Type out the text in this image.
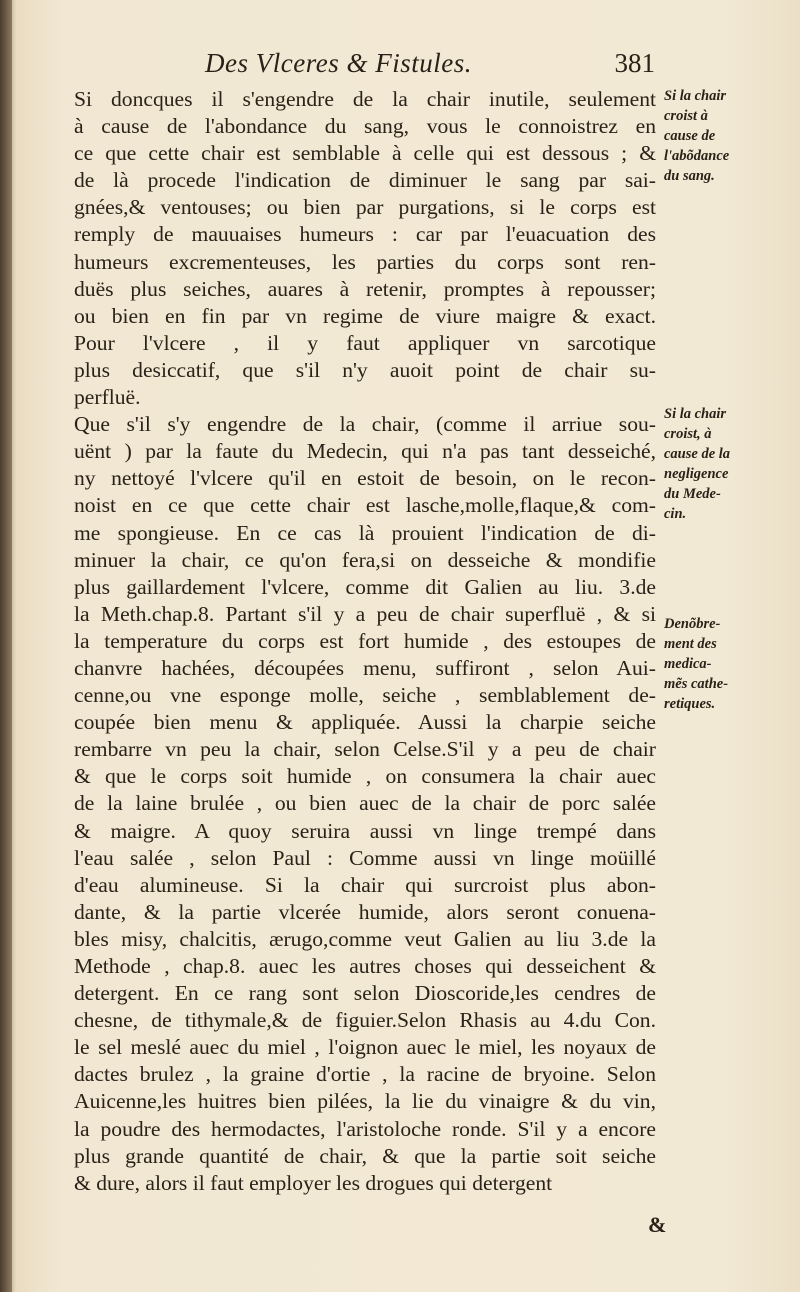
Des Vlceres & Fistules.	381
Si doncques il s'engendre de la chair inutile, seulement
à cause de l'abondance du sang, vous le connoistrez en
ce que cette chair est semblable à celle qui est dessous ; &
de là procede l'indication de diminuer le sang par sai-
gnées,& ventouses; ou bien par purgations, si le corps est
remply de mauuaises humeurs : car par l'euacuation des
humeurs excrementeuses, les parties du corps sont ren-
duës plus seiches, auares à retenir, promptes à repousser;
ou bien en fin par vn regime de viure maigre & exact.
Pour l'vlcere , il y faut appliquer vn sarcotique
plus desiccatif, que s'il n'y auoit point de chair su-
perfluë.
Que s'il s'y engendre de la chair, (comme il arriue sou-
uënt ) par la faute du Medecin, qui n'a pas tant desseiché,
ny nettoyé l'vlcere qu'il en estoit de besoin, on le recon-
noist en ce que cette chair est lasche,molle,flaque,& com-
me spongieuse. En ce cas là prouient l'indication de di-
minuer la chair, ce qu'on fera,si on desseiche & mondifie
plus gaillardement l'vlcere, comme dit Galien au liu. 3.de
la Meth.chap.8. Partant s'il y a peu de chair superfluë , & si
la temperature du corps est fort humide , des estoupes de
chanvre hachées, découpées menu, suffiront , selon Aui-
cenne,ou vne esponge molle, seiche , semblablement de-
coupée bien menu & appliquée. Aussi la charpie seiche
rembarre vn peu la chair, selon Celse.S'il y a peu de chair
& que le corps soit humide , on consumera la chair auec
de la laine brulée , ou bien auec de la chair de porc salée
& maigre. A quoy seruira aussi vn linge trempé dans
l'eau salée , selon Paul : Comme aussi vn linge moüillé
d'eau alumineuse. Si la chair qui surcroist plus abon-
dante, & la partie vlcerée humide, alors seront conuena-
bles misy, chalcitis, ærugo,comme veut Galien au liu 3.de la
Methode , chap.8. auec les autres choses qui desseichent &
detergent. En ce rang sont selon Dioscoride,les cendres de
chesne, de tithymale,& de figuier.Selon Rhasis au 4.du Con.
le sel meslé auec du miel , l'oignon auec le miel, les noyaux de
dactes brulez , la graine d'ortie , la racine de bryoine. Selon
Auicenne,les huitres bien pilées, la lie du vinaigre & du vin,
la poudre des hermodactes, l'aristoloche ronde. S'il y a encore
plus grande quantité de chair, & que la partie soit seiche
& dure, alors il faut employer les drogues qui detergent
Si la chair
croist à
cause de
l'abõdance
du sang.
Si la chair
croist, à
cause de la
negligence
du Mede-
cin.
Denõbre-
ment des
medica-
mẽs cathe-
retiques.
&
